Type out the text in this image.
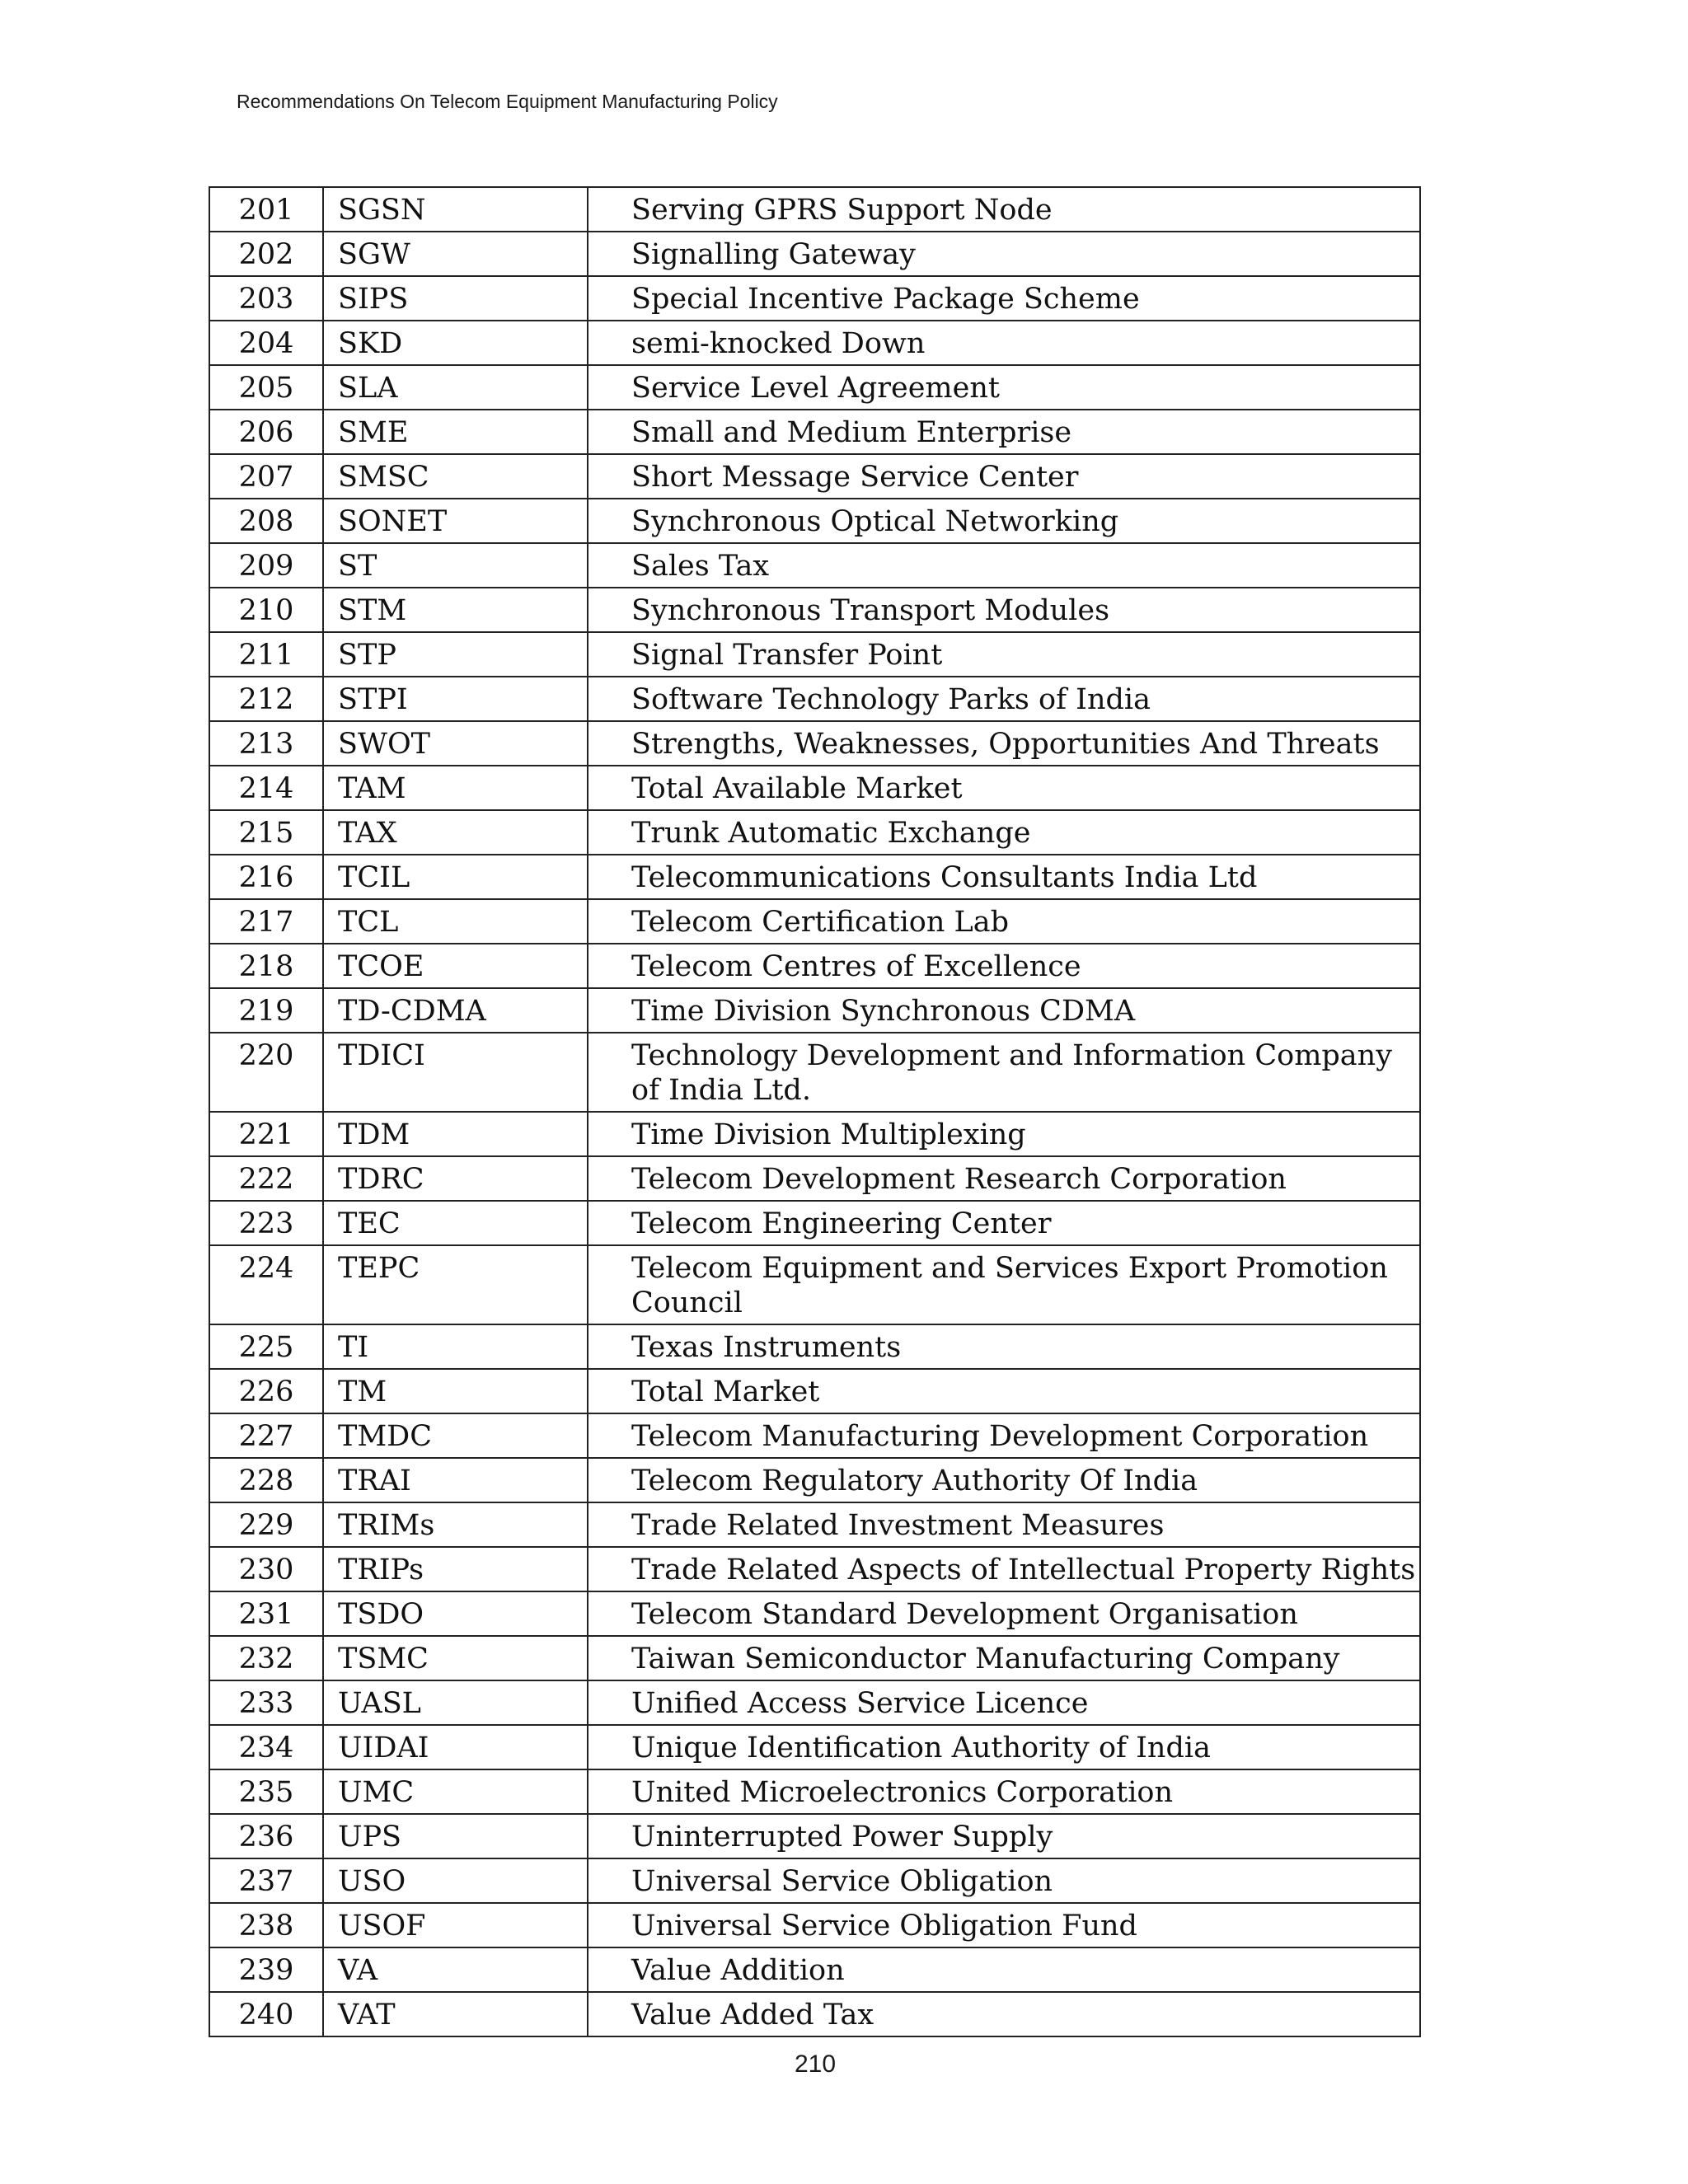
Recommendations On Telecom Equipment Manufacturing Policy
201	SGSN	Serving GPRS Support Node
202	SGW	Signalling Gateway
203	SIPS	Special Incentive Package Scheme
204	SKD	semi-knocked Down
205	SLA	Service Level Agreement
206	SME	Small and Medium Enterprise
207	SMSC	Short Message Service Center
208	SONET	Synchronous Optical Networking
209	ST	Sales Tax
210	STM	Synchronous Transport Modules
211	STP	Signal Transfer Point
212	STPI	Software Technology Parks of India
213	SWOT	Strengths, Weaknesses, Opportunities And Threats
214	TAM	Total Available Market
215	TAX	Trunk Automatic Exchange
216	TCIL	Telecommunications Consultants India Ltd
217	TCL	Telecom Certification Lab
218	TCOE	Telecom Centres of Excellence
219	TD-CDMA	Time Division Synchronous CDMA
220	TDICI	Technology Development and Information Company of India Ltd.
221	TDM	Time Division Multiplexing
222	TDRC	Telecom Development Research Corporation
223	TEC	Telecom Engineering Center
224	TEPC	Telecom Equipment and Services Export Promotion Council
225	TI	Texas Instruments
226	TM	Total Market
227	TMDC	Telecom Manufacturing Development Corporation
228	TRAI	Telecom Regulatory Authority Of India
229	TRIMs	Trade Related Investment Measures
230	TRIPs	Trade Related Aspects of Intellectual Property Rights
231	TSDO	Telecom Standard Development Organisation
232	TSMC	Taiwan Semiconductor Manufacturing Company
233	UASL	Unified Access Service Licence
234	UIDAI	Unique Identification Authority of India
235	UMC	United Microelectronics Corporation
236	UPS	Uninterrupted Power Supply
237	USO	Universal Service Obligation
238	USOF	Universal Service Obligation Fund
239	VA	Value Addition
240	VAT	Value Added Tax
210
